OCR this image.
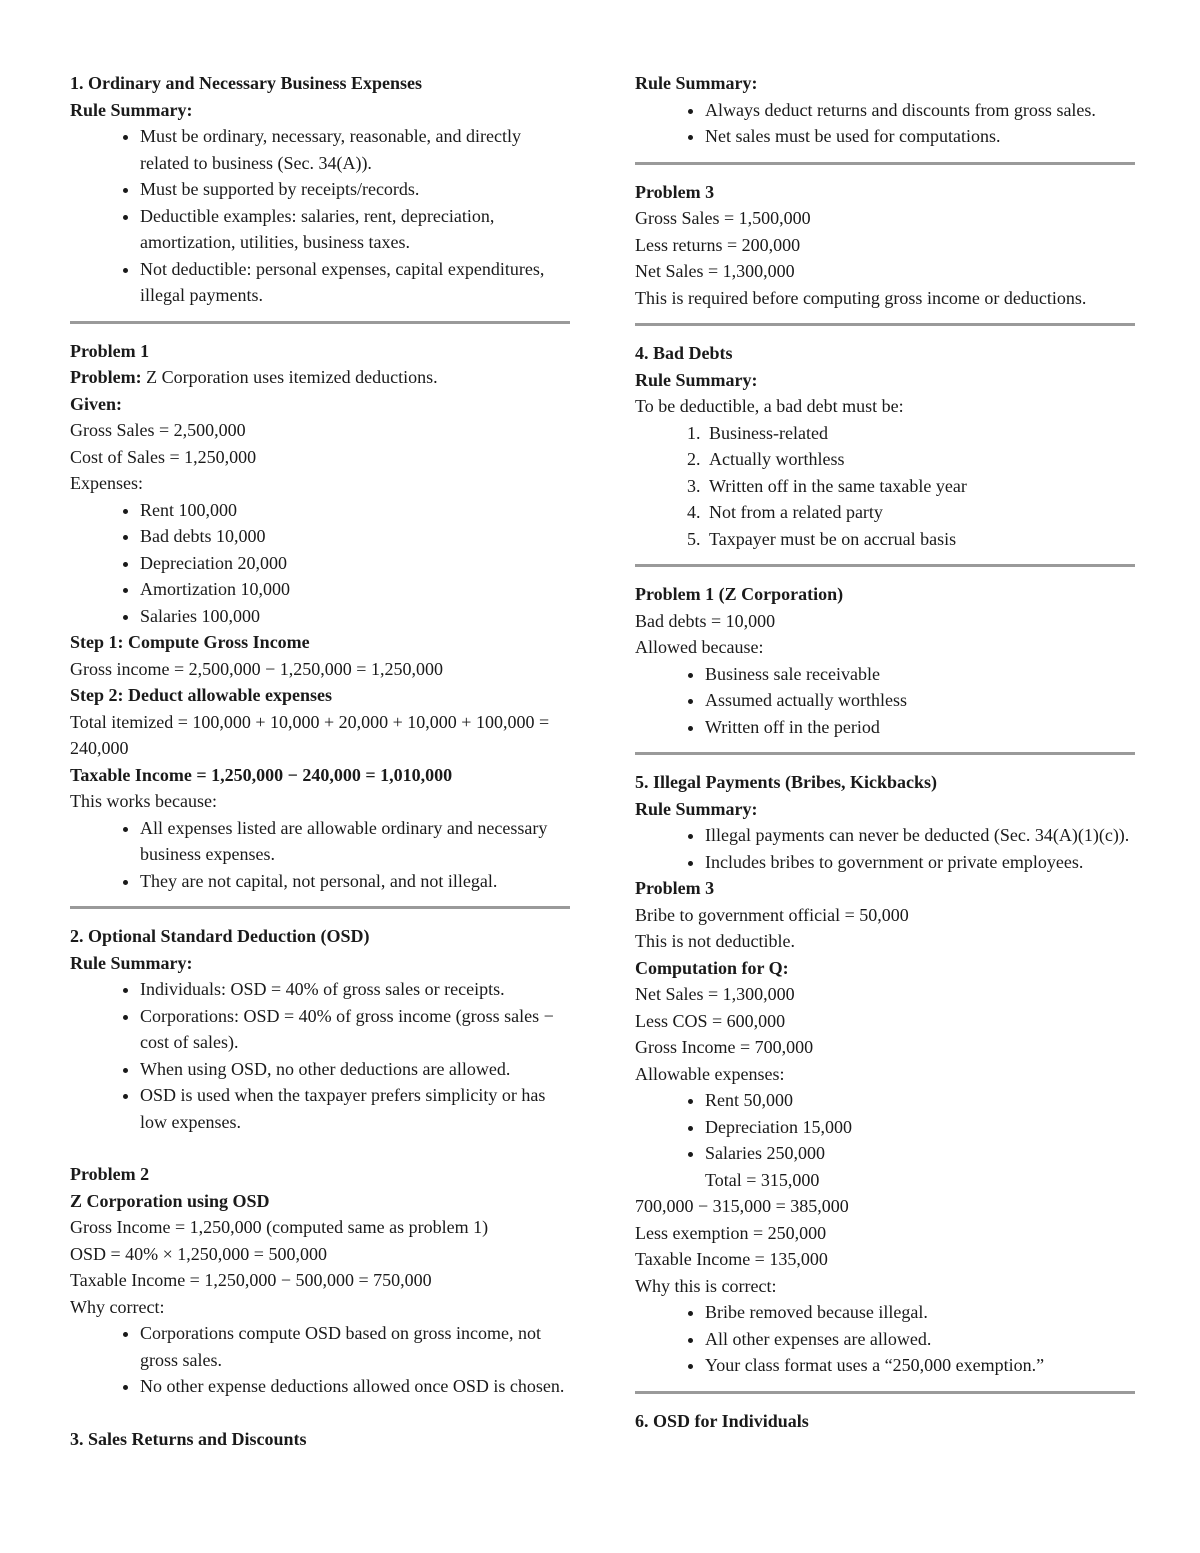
1. Ordinary and Necessary Business Expenses

Rule Summary:

• Must be ordinary, necessary, reasonable, and directly related to business (Sec. 34(A)).
• Must be supported by receipts/records.
• Deductible examples: salaries, rent, depreciation, amortization, utilities, business taxes.
• Not deductible: personal expenses, capital expenditures, illegal payments.

Problem 1

Problem: Z Corporation uses itemized deductions.

Given:

Gross Sales = 2,500,000

Cost of Sales = 1,250,000

Expenses:

• Rent 100,000
• Bad debts 10,000
• Depreciation 20,000
• Amortization 10,000
• Salaries 100,000

Step 1: Compute Gross Income

Gross income = 2,500,000 − 1,250,000 = 1,250,000

Step 2: Deduct allowable expenses

Total itemized = 100,000 + 10,000 + 20,000 + 10,000 + 100,000 = 240,000

Taxable Income = 1,250,000 − 240,000 = 1,010,000

This works because:

• All expenses listed are allowable ordinary and necessary business expenses.
• They are not capital, not personal, and not illegal.

2. Optional Standard Deduction (OSD)

Rule Summary:

• Individuals: OSD = 40% of gross sales or receipts.
• Corporations: OSD = 40% of gross income (gross sales − cost of sales).
• When using OSD, no other deductions are allowed.
• OSD is used when the taxpayer prefers simplicity or has low expenses.

Problem 2

Z Corporation using OSD

Gross Income = 1,250,000 (computed same as problem 1)

OSD = 40% × 1,250,000 = 500,000

Taxable Income = 1,250,000 − 500,000 = 750,000

Why correct:

• Corporations compute OSD based on gross income, not gross sales.
• No other expense deductions allowed once OSD is chosen.

3. Sales Returns and Discounts

Rule Summary:

• Always deduct returns and discounts from gross sales.
• Net sales must be used for computations.

Problem 3

Gross Sales = 1,500,000

Less returns = 200,000

Net Sales = 1,300,000

This is required before computing gross income or deductions.

4. Bad Debts

Rule Summary:

To be deductible, a bad debt must be:

1. Business-related
2. Actually worthless
3. Written off in the same taxable year
4. Not from a related party
5. Taxpayer must be on accrual basis

Problem 1 (Z Corporation)

Bad debts = 10,000

Allowed because:

• Business sale receivable
• Assumed actually worthless
• Written off in the period

5. Illegal Payments (Bribes, Kickbacks)

Rule Summary:

• Illegal payments can never be deducted (Sec. 34(A)(1)(c)).
• Includes bribes to government or private employees.

Problem 3

Bribe to government official = 50,000

This is not deductible.

Computation for Q:

Net Sales = 1,300,000

Less COS = 600,000

Gross Income = 700,000

Allowable expenses:

• Rent 50,000
• Depreciation 15,000
• Salaries 250,000

Total = 315,000

700,000 − 315,000 = 385,000

Less exemption = 250,000

Taxable Income = 135,000

Why this is correct:

• Bribe removed because illegal.
• All other expenses are allowed.
• Your class format uses a “250,000 exemption.”

6. OSD for Individuals
